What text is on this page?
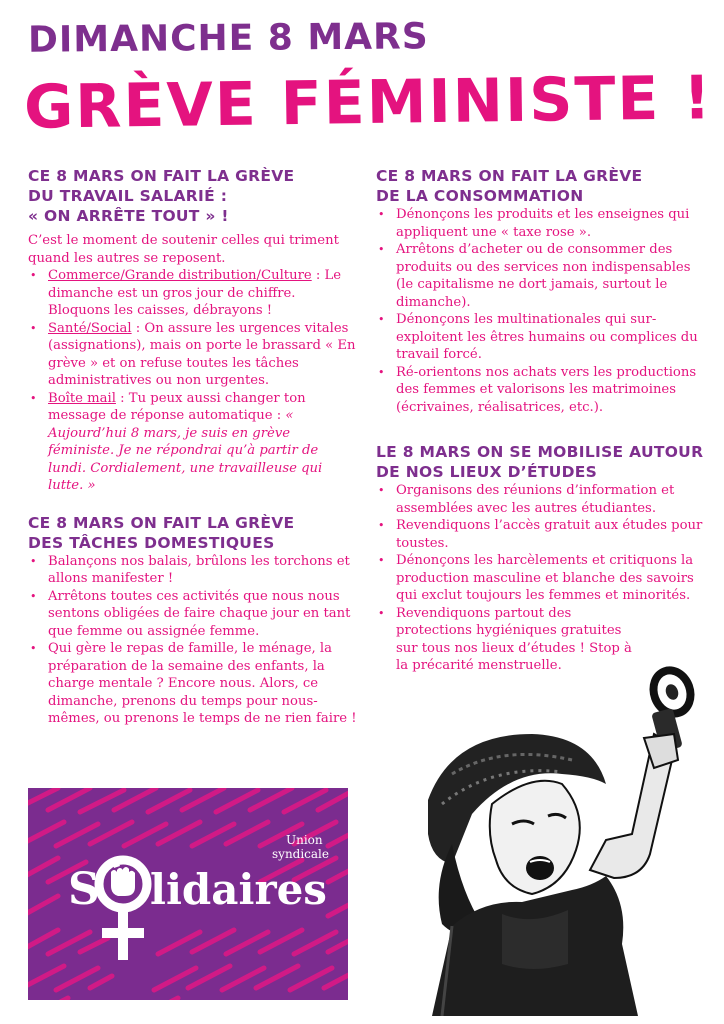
DIMANCHE 8 MARS
GRÈVE FÉMINISTE !
CE 8 MARS ON FAIT LA GRÈVE
DU TRAVAIL SALARIÉ :
« ON ARRÊTE TOUT » !

C’est le moment de soutenir celles qui triment quand les autres se reposent.

• Commerce/Grande distribution/Culture : Le dimanche est un gros jour de chiffre. Bloquons les caisses, débrayons !
• Santé/Social : On assure les urgences vitales (assignations), mais on porte le brassard « En grève » et on refuse toutes les tâches administratives ou non urgentes.
• Boîte mail : Tu peux aussi changer ton message de réponse automatique : « Aujourd’hui 8 mars, je suis en grève féministe. Je ne répondrai qu’à partir de lundi. Cordialement, une travailleuse qui lutte. »
CE 8 MARS ON FAIT LA GRÈVE
DES TÂCHES DOMESTIQUES
• Balançons nos balais, brûlons les torchons et allons manifester !
• Arrêtons toutes ces activités que nous nous sentons obligées de faire chaque jour en tant que femme ou assignée femme.
• Qui gère le repas de famille, le ménage, la préparation de la semaine des enfants, la charge mentale ? Encore nous. Alors, ce dimanche, prenons du temps pour nous-mêmes, ou prenons le temps de ne rien faire !
CE 8 MARS ON FAIT LA GRÈVE
DE LA CONSOMMATION
• Dénonçons les produits et les enseignes qui appliquent une « taxe rose ».
• Arrêtons d’acheter ou de consommer des produits ou des services non indispensables (le capitalisme ne dort jamais, surtout le dimanche).
• Dénonçons les multinationales qui sur-exploitent les êtres humains ou complices du travail forcé.
• Ré-orientons nos achats vers les productions des femmes et valorisons les matrimoines (écrivaines, réalisatrices, etc.).
LE 8 MARS ON SE MOBILISE AUTOUR
DE NOS LIEUX D’ÉTUDES
• Organisons des réunions d’information et assemblées avec les autres étudiantes.
• Revendiquons l’accès gratuit aux études pour toustes.
• Dénonçons les harcèlements et critiquons la production masculine et blanche des savoirs qui exclut toujours les femmes et minorités.
• Revendiquons partout des protections hygiéniques gratuites sur tous nos lieux d’études ! Stop à la précarité menstruelle.
S lidaires
Union
syndicale
